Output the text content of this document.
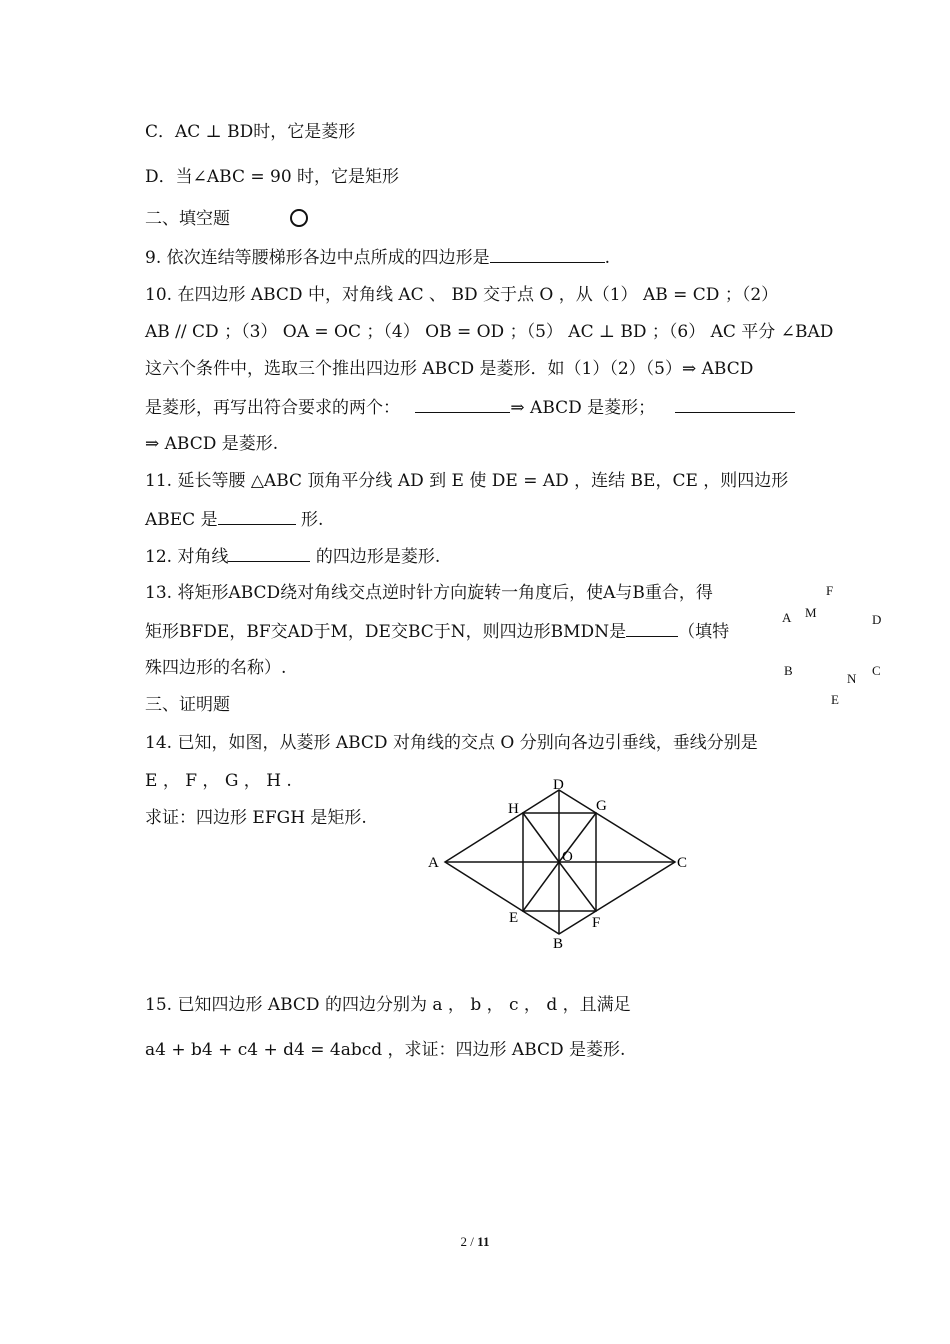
C．AC ⊥ BD时，它是菱形
D．当∠ABC = 90 时，它是矩形
二、填空题
9. 依次连结等腰梯形各边中点所成的四边形是	.
10. 在四边形 ABCD 中，对角线 AC 、 BD 交于点 O ，从（1） AB = CD ；（2）
AB // CD ；（3） OA = OC ；（4） OB = OD ；（5） AC ⊥ BD ；（6） AC 平分 ∠BAD
这六个条件中，选取三个推出四边形 ABCD 是菱形．如（1）（2）（5）⇒ ABCD
是菱形，再写出符合要求的两个：	⇒ ABCD 是菱形；
⇒ ABCD 是菱形.
11. 延长等腰 △ABC 顶角平分线 AD 到 E 使 DE = AD ，连结 BE，CE ，则四边形
ABEC 是	形.
12. 对角线	的四边形是菱形.
13. 将矩形ABCD绕对角线交点逆时针方向旋转一角度后，使A与B重合，得
矩形BFDE，BF交AD于M，DE交BC于N，则四边形BMDN是	（填特
殊四边形的名称）.
F
A M	D
B
N
C
E
三、证明题
14. 已知，如图，从菱形 ABCD 对角线的交点 O 分别向各边引垂线，垂线分别是
E ， F ， G ， H .
求证：四边形 EFGH 是矩形.
D
H	G
A	O	C
E	F
B
15. 已知四边形 ABCD 的四边分别为 a ， b ， c ， d ，且满足
a4 + b4 + c4 + d4 = 4abcd ，求证：四边形 ABCD 是菱形.
2 / 11
